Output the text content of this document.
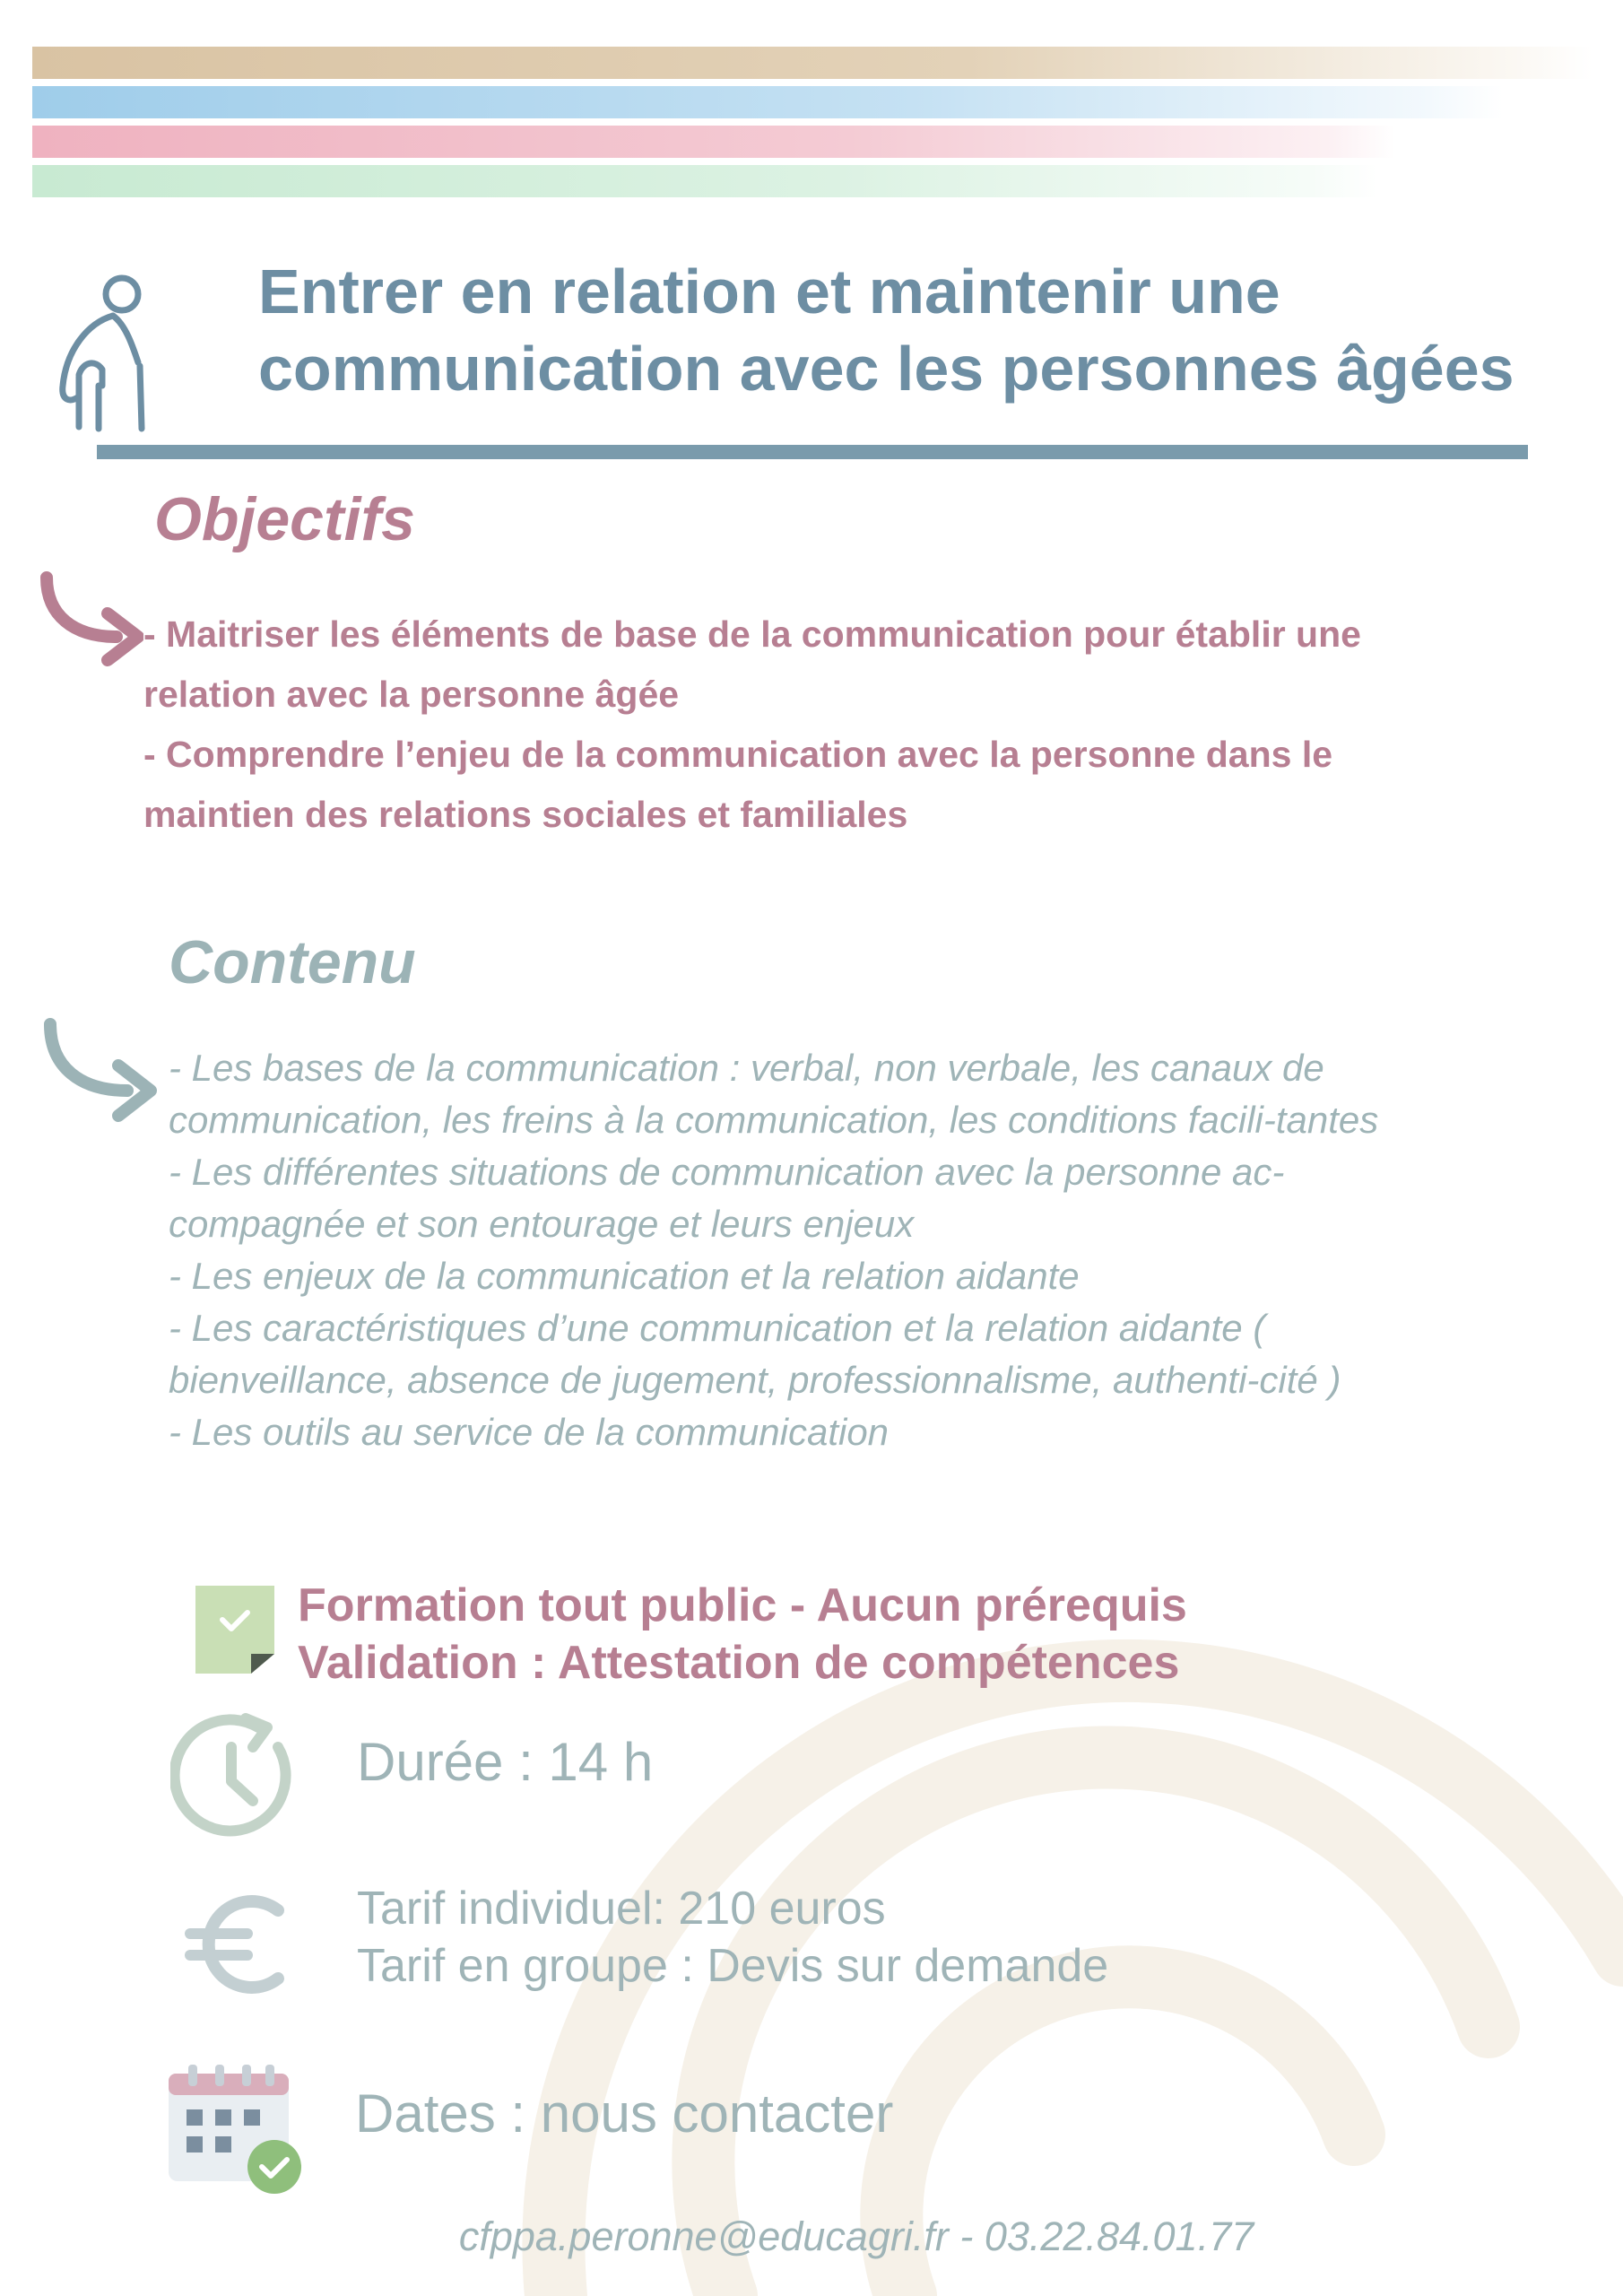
Entrer en relation et maintenir une
communication avec les personnes âgées
Objectifs

- Maitriser les éléments de base de la communication pour établir une relation avec la personne âgée

- Comprendre l’enjeu de la communication avec la personne dans le maintien des relations sociales et familiales

Contenu

- Les bases de la communication : verbal, non verbale, les canaux de communication, les freins à la communication, les conditions facili-tantes

- Les différentes situations de communication avec la personne ac-compagnée et son entourage et leurs enjeux

- Les enjeux de la communication et la relation aidante

- Les caractéristiques d’une communication et la relation aidante ( bienveillance, absence de jugement, professionnalisme, authenti-cité )

- Les outils au service de la communication

Formation tout public - Aucun prérequis
Validation : Attestation de compétences
Durée : 14 h
Tarif individuel: 210 euros
Tarif en groupe : Devis sur demande
Dates : nous contacter
cfppa.peronne@educagri.fr - 03.22.84.01.77
